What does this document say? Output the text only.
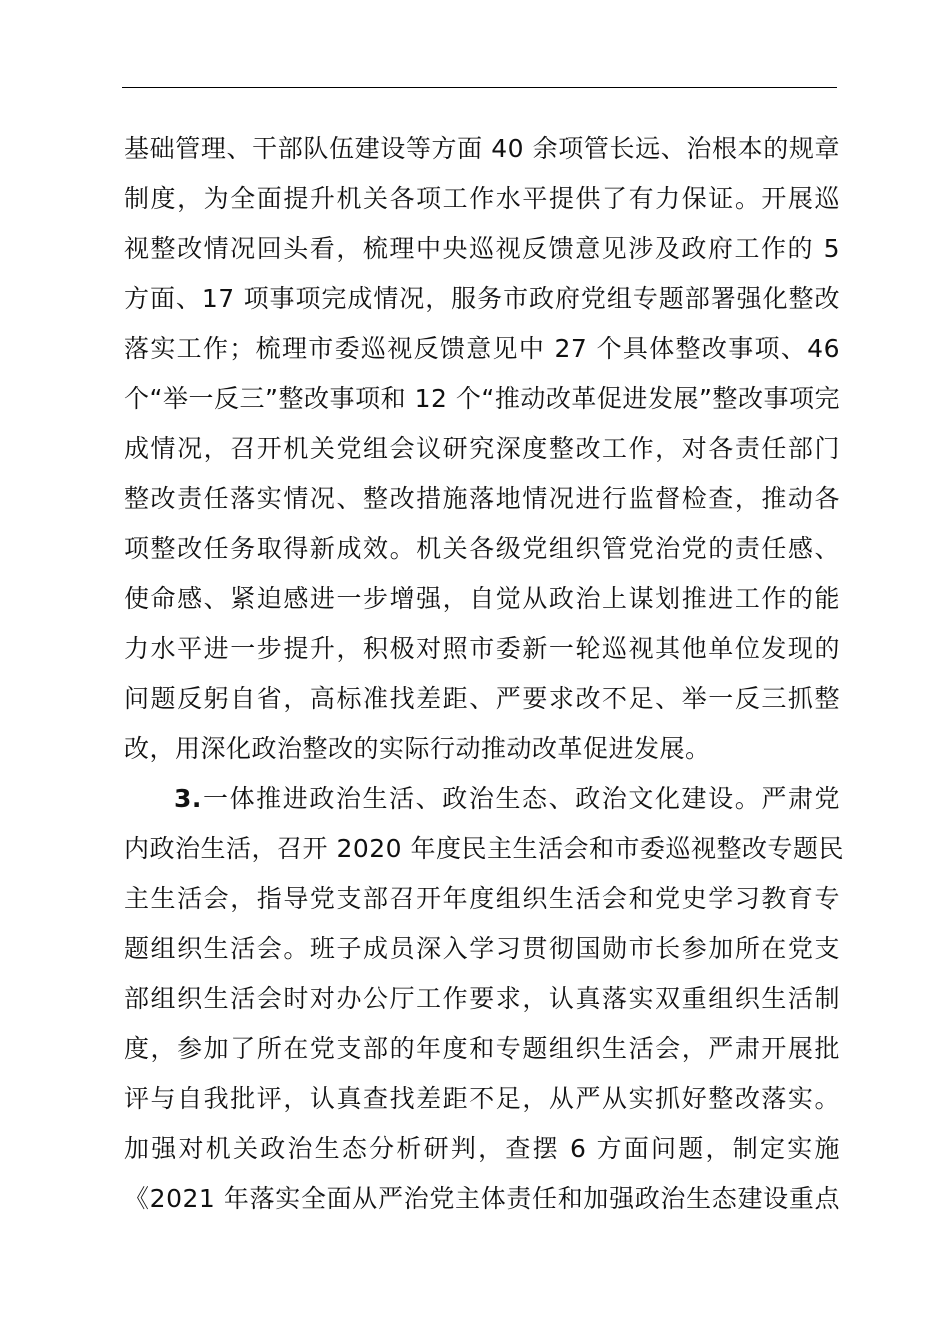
基础管理、干部队伍建设等方面 40 余项管长远、治根本的规章
制度，为全面提升机关各项工作水平提供了有力保证。开展巡
视整改情况回头看，梳理中央巡视反馈意见涉及政府工作的 5
方面、17 项事项完成情况，服务市政府党组专题部署强化整改
落实工作；梳理市委巡视反馈意见中 27 个具体整改事项、46
个“举一反三”整改事项和 12 个“推动改革促进发展”整改事项完
成情况，召开机关党组会议研究深度整改工作，对各责任部门
整改责任落实情况、整改措施落地情况进行监督检查，推动各
项整改任务取得新成效。机关各级党组织管党治党的责任感、
使命感、紧迫感进一步增强，自觉从政治上谋划推进工作的能
力水平进一步提升，积极对照市委新一轮巡视其他单位发现的
问题反躬自省，高标准找差距、严要求改不足、举一反三抓整
改，用深化政治整改的实际行动推动改革促进发展。
3.一体推进政治生活、政治生态、政治文化建设。严肃党
内政治生活，召开 2020 年度民主生活会和市委巡视整改专题民
主生活会，指导党支部召开年度组织生活会和党史学习教育专
题组织生活会。班子成员深入学习贯彻国勋市长参加所在党支
部组织生活会时对办公厅工作要求，认真落实双重组织生活制
度，参加了所在党支部的年度和专题组织生活会，严肃开展批
评与自我批评，认真查找差距不足，从严从实抓好整改落实。
加强对机关政治生态分析研判，查摆 6 方面问题，制定实施
《2021 年落实全面从严治党主体责任和加强政治生态建设重点
